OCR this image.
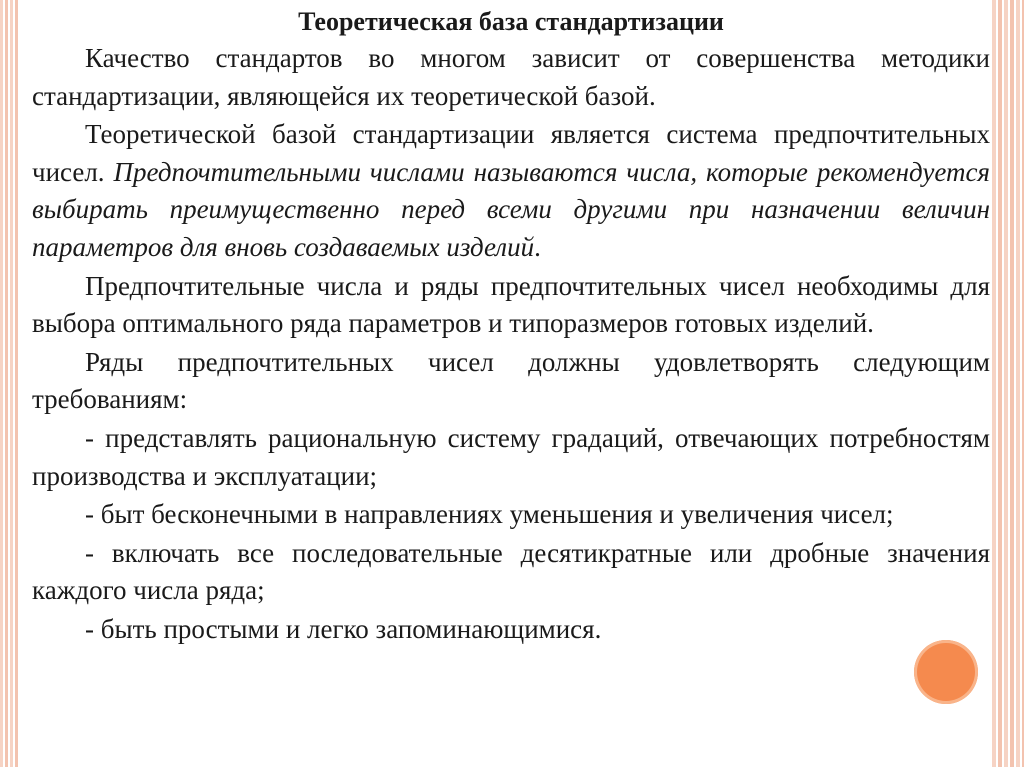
Теоретическая база стандартизации

Качество стандартов во многом зависит от совершенства методики стандартизации, являющейся их теоретической базой.

Теоретической базой стандартизации является система предпочтительных чисел. Предпочтительными числами называются числа, которые рекомендуется выбирать преимущественно перед всеми другими при назначении величин параметров для вновь создаваемых изделий.

Предпочтительные числа и ряды предпочтительных чисел необходимы для выбора оптимального ряда параметров и типоразмеров готовых изделий.

Ряды предпочтительных чисел должны удовлетворять следующим требованиям:

- представлять рациональную систему градаций, отвечающих потребностям производства и эксплуатации;

- быт бесконечными в направлениях уменьшения и увеличения чисел;

- включать все последовательные десятикратные или дробные значения каждого числа ряда;

- быть простыми и легко запоминающимися.
